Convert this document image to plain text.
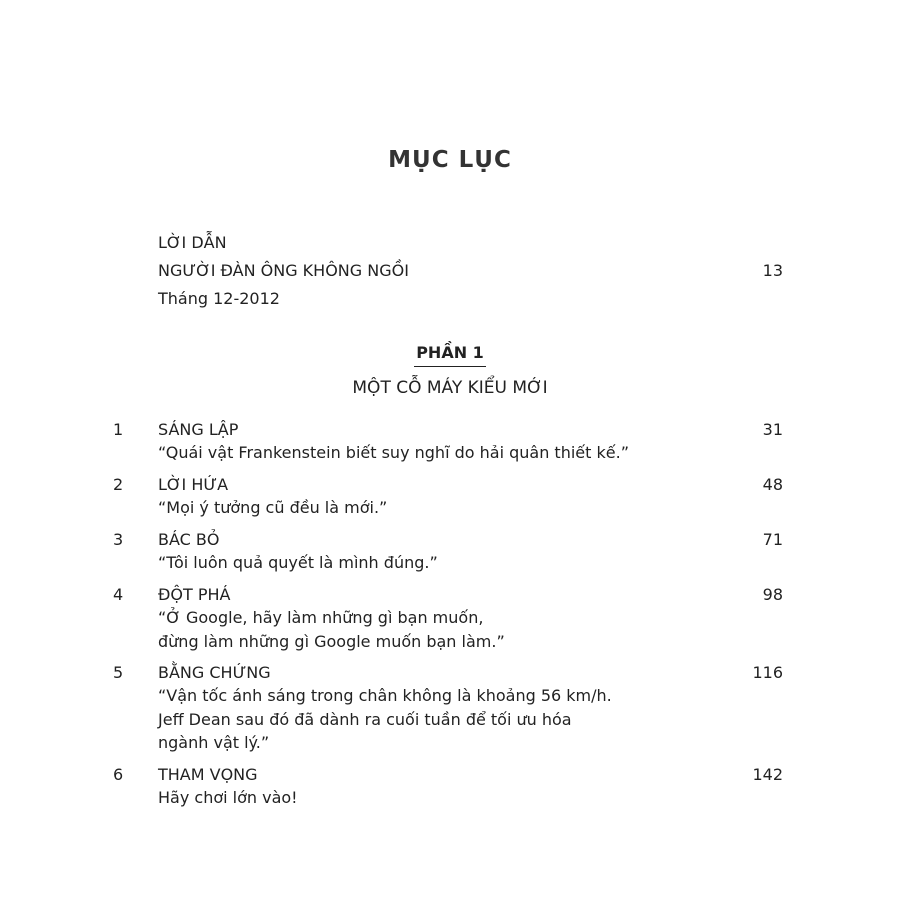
MỤC LỤC
LỜI DẪN
NGƯỜI ĐÀN ÔNG KHÔNG NGỒI	13
Tháng 12-2012
PHẦN 1
MỘT CỖ MÁY KIỂU MỚI
1 SÁNG LẬP	31
“Quái vật Frankenstein biết suy nghĩ do hải quân thiết kế.”
2 LỜI HỨA	48
“Mọi ý tưởng cũ đều là mới.”
3 BÁC BỎ	71
“Tôi luôn quả quyết là mình đúng.”
4 ĐỘT PHÁ	98
“Ở Google, hãy làm những gì bạn muốn,
đừng làm những gì Google muốn bạn làm.”
5 BẰNG CHỨNG	116
“Vận tốc ánh sáng trong chân không là khoảng 56 km/h.
Jeff Dean sau đó đã dành ra cuối tuần để tối ưu hóa
ngành vật lý.”
6 THAM VỌNG	142
Hãy chơi lớn vào!
